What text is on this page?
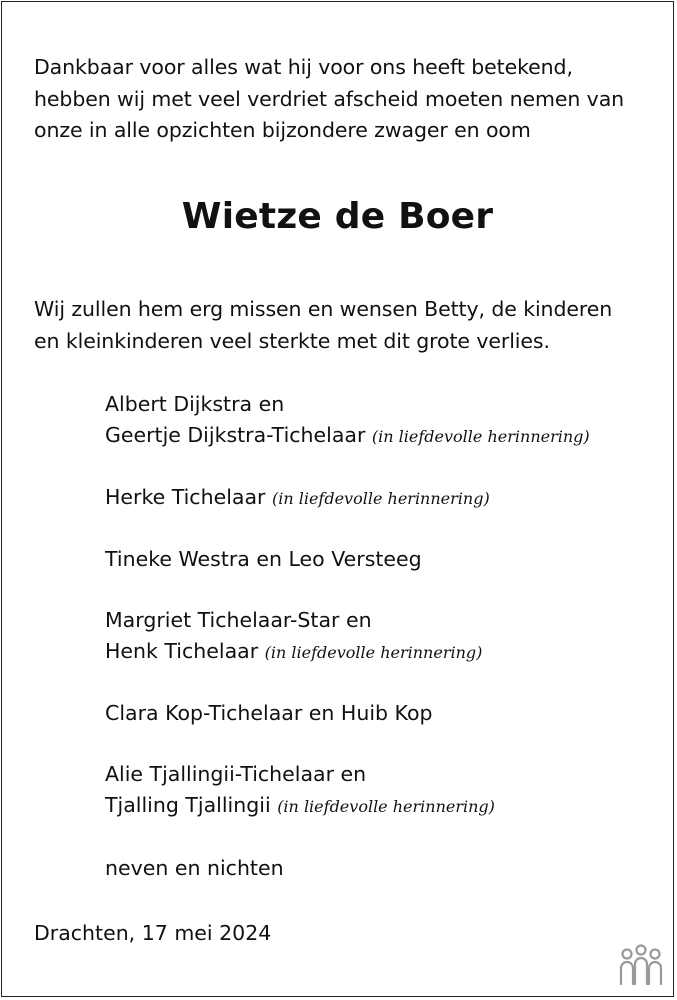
Dankbaar voor alles wat hij voor ons heeft betekend,
hebben wij met veel verdriet afscheid moeten nemen van
onze in alle opzichten bijzondere zwager en oom
Wietze de Boer
Wij zullen hem erg missen en wensen Betty, de kinderen
en kleinkinderen veel sterkte met dit grote verlies.
Albert Dijkstra en
Geertje Dijkstra-Tichelaar (in liefdevolle herinnering)
Herke Tichelaar (in liefdevolle herinnering)
Tineke Westra en Leo Versteeg
Margriet Tichelaar-Star en
Henk Tichelaar (in liefdevolle herinnering)
Clara Kop-Tichelaar en Huib Kop
Alie Tjallingii-Tichelaar en
Tjalling Tjallingii (in liefdevolle herinnering)
neven en nichten
Drachten, 17 mei 2024
